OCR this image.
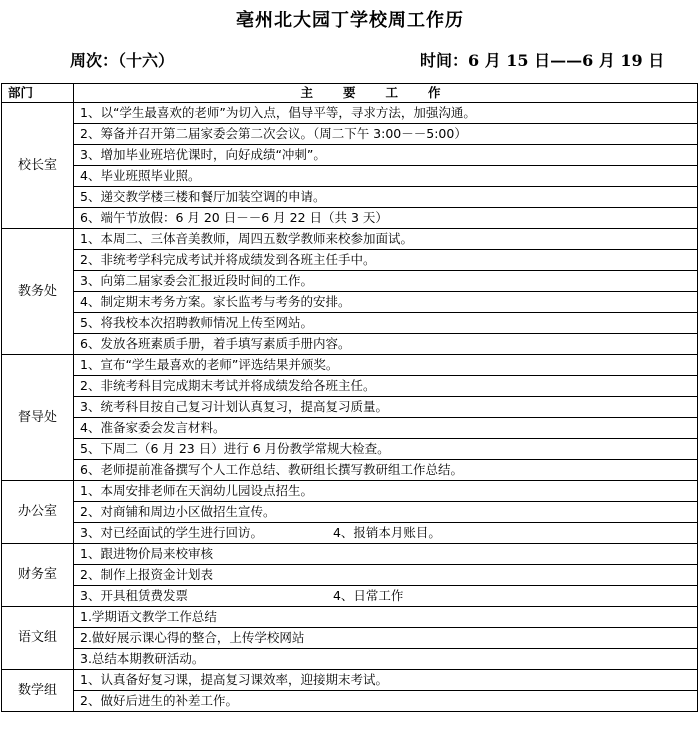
亳州北大园丁学校周工作历
周次：（十六）	时间：6 月 15 日——6 月 19 日
部门	主要工作
校长室	1、以“学生最喜欢的老师”为切入点，倡导平等，寻求方法，加强沟通。
	2、筹备并召开第二届家委会第二次会议。（周二下午 3:00－－5:00）
	3、增加毕业班培优课时，向好成绩“冲刺”。
	4、毕业班照毕业照。
	5、递交教学楼三楼和餐厅加装空调的申请。
	6、端午节放假：6 月 20 日－－6 月 22 日（共 3 天）
教务处	1、本周二、三体音美教师，周四五数学教师来校参加面试。
	2、非统考学科完成考试并将成绩发到各班主任手中。
	3、向第二届家委会汇报近段时间的工作。
	4、制定期末考务方案。家长监考与考务的安排。
	5、将我校本次招聘教师情况上传至网站。
	6、发放各班素质手册，着手填写素质手册内容。
督导处	1、宣布“学生最喜欢的老师”评选结果并颁奖。
	2、非统考科目完成期末考试并将成绩发给各班主任。
	3、统考科目按自己复习计划认真复习，提高复习质量。
	4、准备家委会发言材料。
	5、下周二（6 月 23 日）进行 6 月份教学常规大检查。
	6、老师提前准备撰写个人工作总结、教研组长撰写教研组工作总结。
办公室	1、本周安排老师在天润幼儿园设点招生。
	2、对商铺和周边小区做招生宣传。
	3、对已经面试的学生进行回访。 4、报销本月账目。
财务室	1、跟进物价局来校审核
	2、制作上报资金计划表
	3、开具租赁费发票 4、日常工作
语文组	1.学期语文教学工作总结
	2.做好展示课心得的整合，上传学校网站
	3.总结本期教研活动。
数学组	1、认真备好复习课，提高复习课效率，迎接期末考试。
	2、做好后进生的补差工作。
